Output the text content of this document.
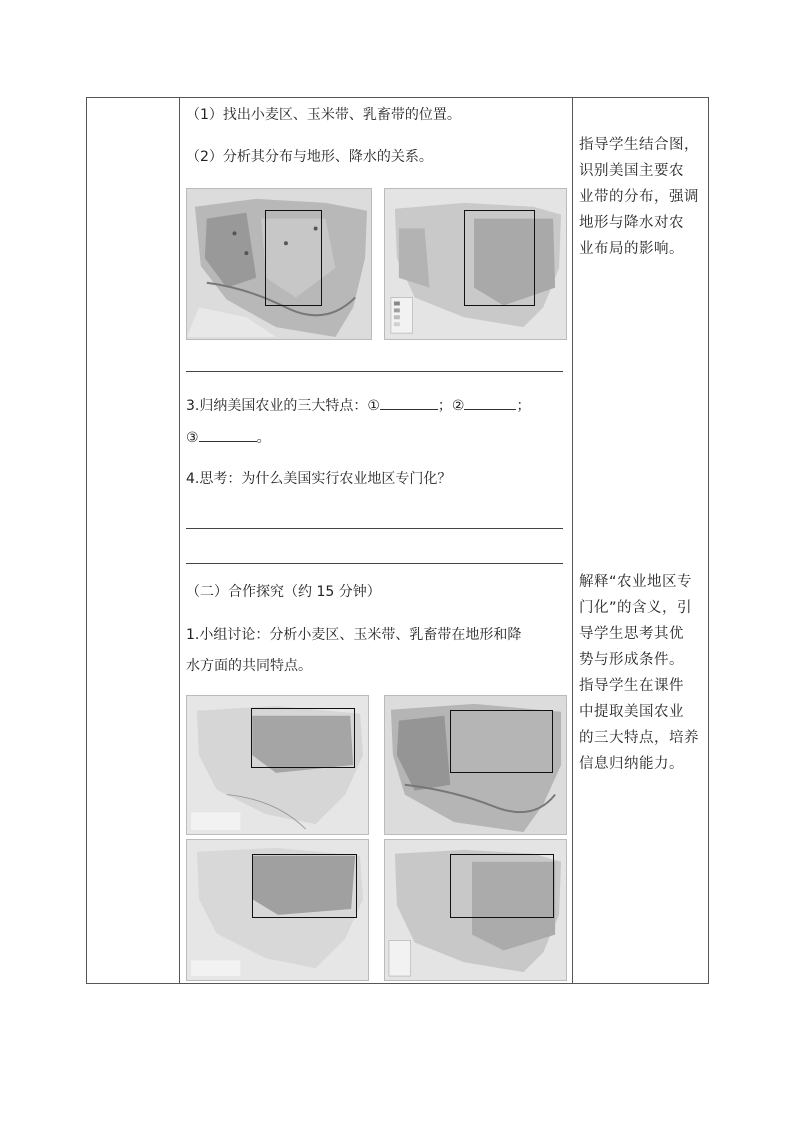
（1）找出小麦区、玉米带、乳畜带的位置。
（2）分析其分布与地形、降水的关系。
3.归纳美国农业的三大特点：①	；②	；
③	。
4.思考：为什么美国实行农业地区专门化？
（二）合作探究（约 15 分钟）
1.小组讨论：分析小麦区、玉米带、乳畜带在地形和降
水方面的共同特点。
指导学生结合图，
识别美国主要农
业带的分布，强调
地形与降水对农
业布局的影响。
解释“农业地区专
门化”的含义，引
导学生思考其优
势与形成条件。
指导学生在课件
中提取美国农业
的三大特点，培养
信息归纳能力。
